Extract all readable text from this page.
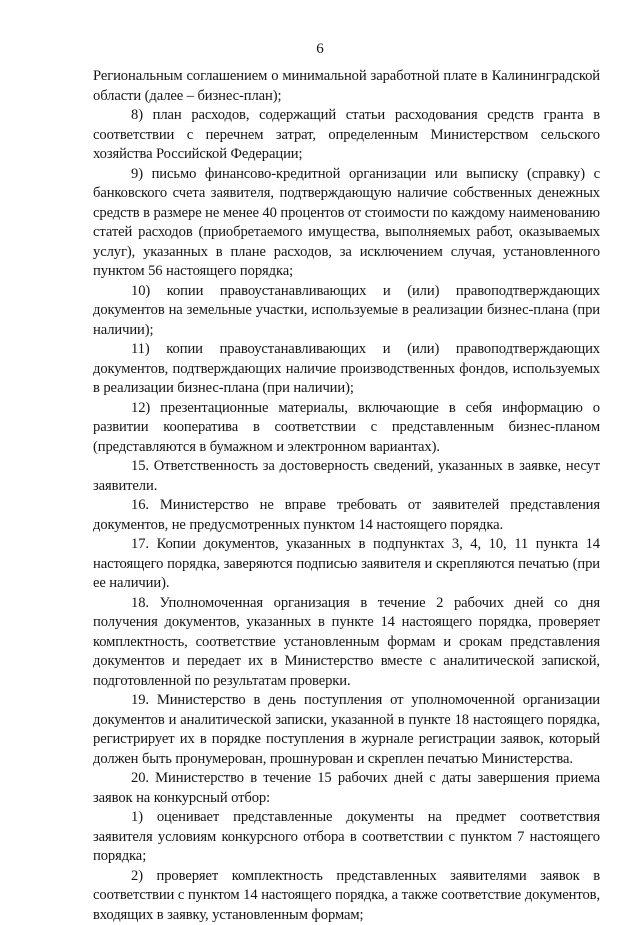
6

Региональным соглашением о минимальной заработной плате в Калининградской области (далее – бизнес-план);

8) план расходов, содержащий статьи расходования средств гранта в соответствии с перечнем затрат, определенным Министерством сельского хозяйства Российской Федерации;

9) письмо финансово-кредитной организации или выписку (справку) с банковского счета заявителя, подтверждающую наличие собственных денежных средств в размере не менее 40 процентов от стоимости по каждому наименованию статей расходов (приобретаемого имущества, выполняемых работ, оказываемых услуг), указанных в плане расходов, за исключением случая, установленного пунктом 56 настоящего порядка;

10) копии правоустанавливающих и (или) правоподтверждающих документов на земельные участки, используемые в реализации бизнес-плана (при наличии);

11) копии правоустанавливающих и (или) правоподтверждающих документов, подтверждающих наличие производственных фондов, используемых в реализации бизнес-плана (при наличии);

12) презентационные материалы, включающие в себя информацию о развитии кооператива в соответствии с представленным бизнес-планом (представляются в бумажном и электронном вариантах).

15. Ответственность за достоверность сведений, указанных в заявке, несут заявители.

16. Министерство не вправе требовать от заявителей представления документов, не предусмотренных пунктом 14 настоящего порядка.

17. Копии документов, указанных в подпунктах 3, 4, 10, 11 пункта 14 настоящего порядка, заверяются подписью заявителя и скрепляются печатью (при ее наличии).

18. Уполномоченная организация в течение 2 рабочих дней со дня получения документов, указанных в пункте 14 настоящего порядка, проверяет комплектность, соответствие установленным формам и срокам представления документов и передает их в Министерство вместе с аналитической запиской, подготовленной по результатам проверки.

19. Министерство в день поступления от уполномоченной организации документов и аналитической записки, указанной в пункте 18 настоящего порядка, регистрирует их в порядке поступления в журнале регистрации заявок, который должен быть пронумерован, прошнурован и скреплен печатью Министерства.

20. Министерство в течение 15 рабочих дней с даты завершения приема заявок на конкурсный отбор:

1) оценивает представленные документы на предмет соответствия заявителя условиям конкурсного отбора в соответствии с пунктом 7 настоящего порядка;

2) проверяет комплектность представленных заявителями заявок в соответствии с пунктом 14 настоящего порядка, а также соответствие документов, входящих в заявку, установленным формам;
